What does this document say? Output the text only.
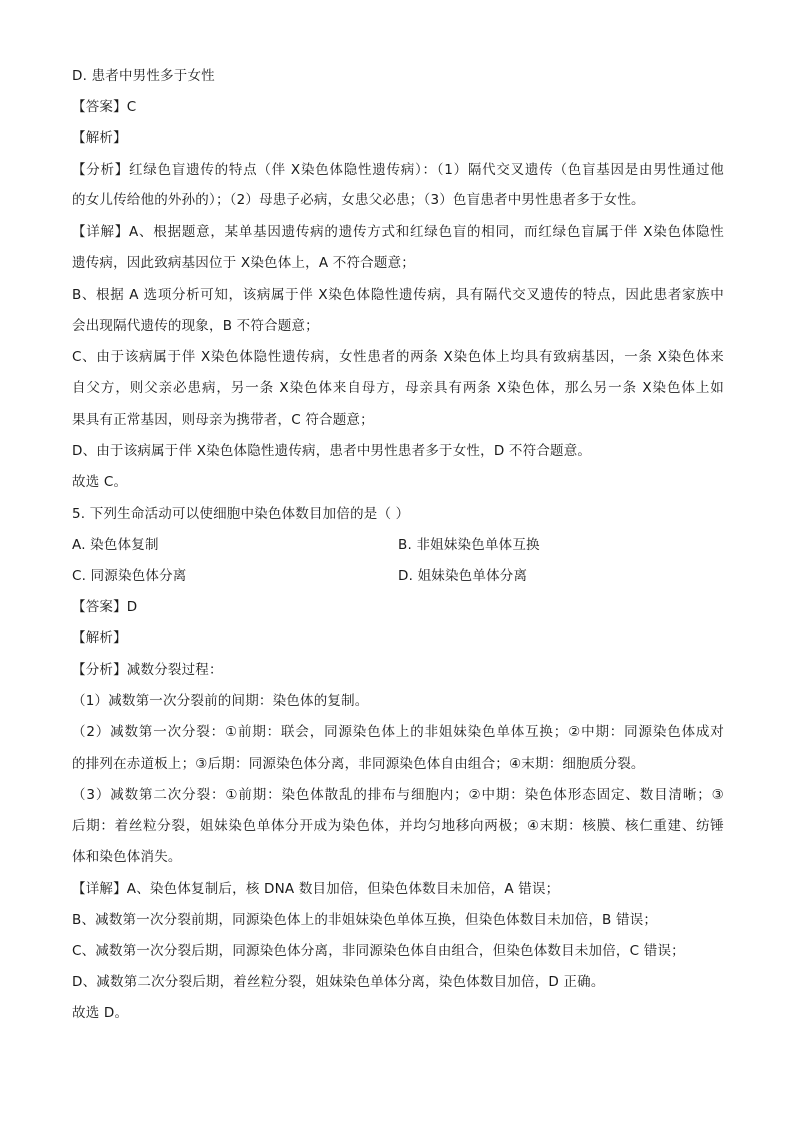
D. 患者中男性多于女性
【答案】C
【解析】
【分析】红绿色盲遗传的特点（伴 X染色体隐性遗传病）：（1）隔代交叉遗传（色盲基因是由男性通过他
的女儿传给他的外孙的）；（2）母患子必病，女患父必患；（3）色盲患者中男性患者多于女性。
【详解】A、根据题意，某单基因遗传病的遗传方式和红绿色盲的相同，而红绿色盲属于伴 X染色体隐性
遗传病，因此致病基因位于 X染色体上，A 不符合题意；
B、根据 A 选项分析可知，该病属于伴 X染色体隐性遗传病，具有隔代交叉遗传的特点，因此患者家族中
会出现隔代遗传的现象，B 不符合题意；
C、由于该病属于伴 X染色体隐性遗传病，女性患者的两条 X染色体上均具有致病基因，一条 X染色体来
自父方，则父亲必患病，另一条 X染色体来自母方，母亲具有两条 X染色体，那么另一条 X染色体上如
果具有正常基因，则母亲为携带者，C 符合题意；
D、由于该病属于伴 X染色体隐性遗传病，患者中男性患者多于女性，D 不符合题意。
故选 C。
5. 下列生命活动可以使细胞中染色体数目加倍的是（ ）
A. 染色体复制	B. 非姐妹染色单体互换
C. 同源染色体分离	D. 姐妹染色单体分离
【答案】D
【解析】
【分析】减数分裂过程：
（1）减数第一次分裂前的间期：染色体的复制。
（2）减数第一次分裂：①前期：联会，同源染色体上的非姐妹染色单体互换；②中期：同源染色体成对
的排列在赤道板上；③后期：同源染色体分离，非同源染色体自由组合；④末期：细胞质分裂。
（3）减数第二次分裂：①前期：染色体散乱的排布与细胞内；②中期：染色体形态固定、数目清晰；③
后期：着丝粒分裂，姐妹染色单体分开成为染色体，并均匀地移向两极；④末期：核膜、核仁重建、纺锤
体和染色体消失。
【详解】A、染色体复制后，核 DNA 数目加倍，但染色体数目未加倍，A 错误；
B、减数第一次分裂前期，同源染色体上的非姐妹染色单体互换，但染色体数目未加倍，B 错误；
C、减数第一次分裂后期，同源染色体分离，非同源染色体自由组合，但染色体数目未加倍，C 错误；
D、减数第二次分裂后期，着丝粒分裂，姐妹染色单体分离，染色体数目加倍，D 正确。
故选 D。
